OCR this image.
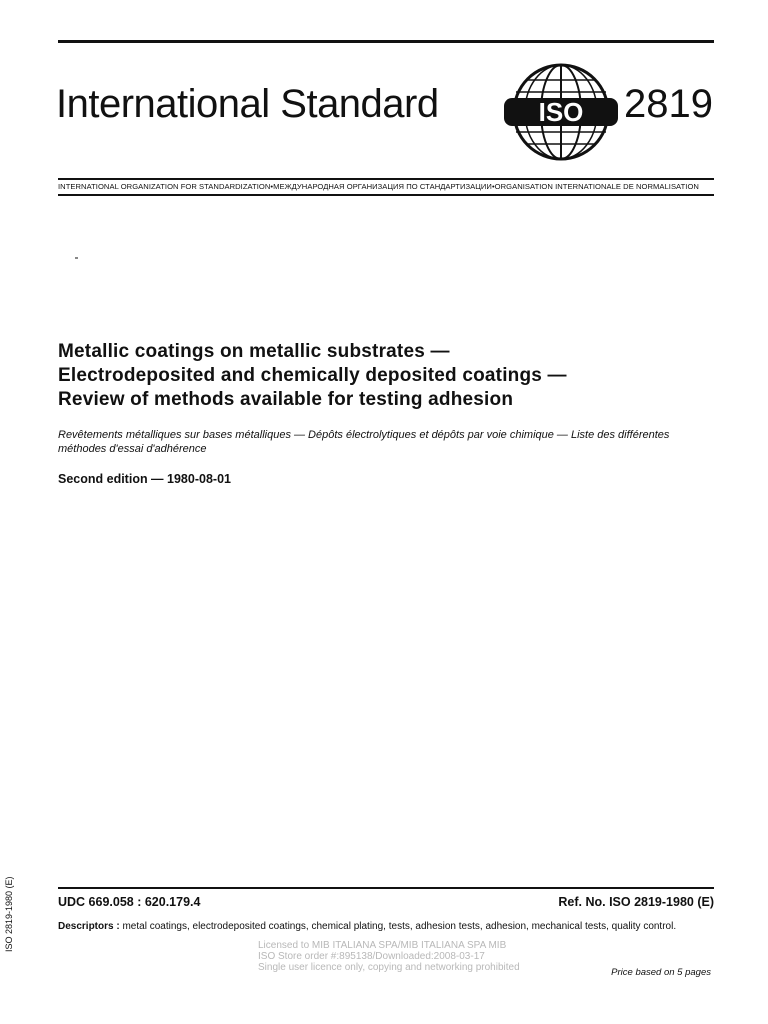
International Standard	ISO 2819
INTERNATIONAL ORGANIZATION FOR STANDARDIZATION•МЕЖДУНАРОДНАЯ ОРГАНИЗАЦИЯ ПО СТАНДАРТИЗАЦИИ•ORGANISATION INTERNATIONALE DE NORMALISATION
Metallic coatings on metallic substrates —
Electrodeposited and chemically deposited coatings —
Review of methods available for testing adhesion
Revêtements métalliques sur bases métalliques — Dépôts électrolytiques et dépôts par voie chimique — Liste des différentes
méthodes d'essai d'adhérence
Second edition — 1980-08-01
UDC 669.058 : 620.179.4	Ref. No. ISO 2819-1980 (E)
Descriptors : metal coatings, electrodeposited coatings, chemical plating, tests, adhesion tests, adhesion, mechanical tests, quality control.
Licensed to MIB ITALIANA SPA/MIB ITALIANA SPA MIB
ISO Store order #:895138/Downloaded:2008-03-17
Single user licence only, copying and networking prohibited	Price based on 5 pages
ISO 2819-1980 (E)
